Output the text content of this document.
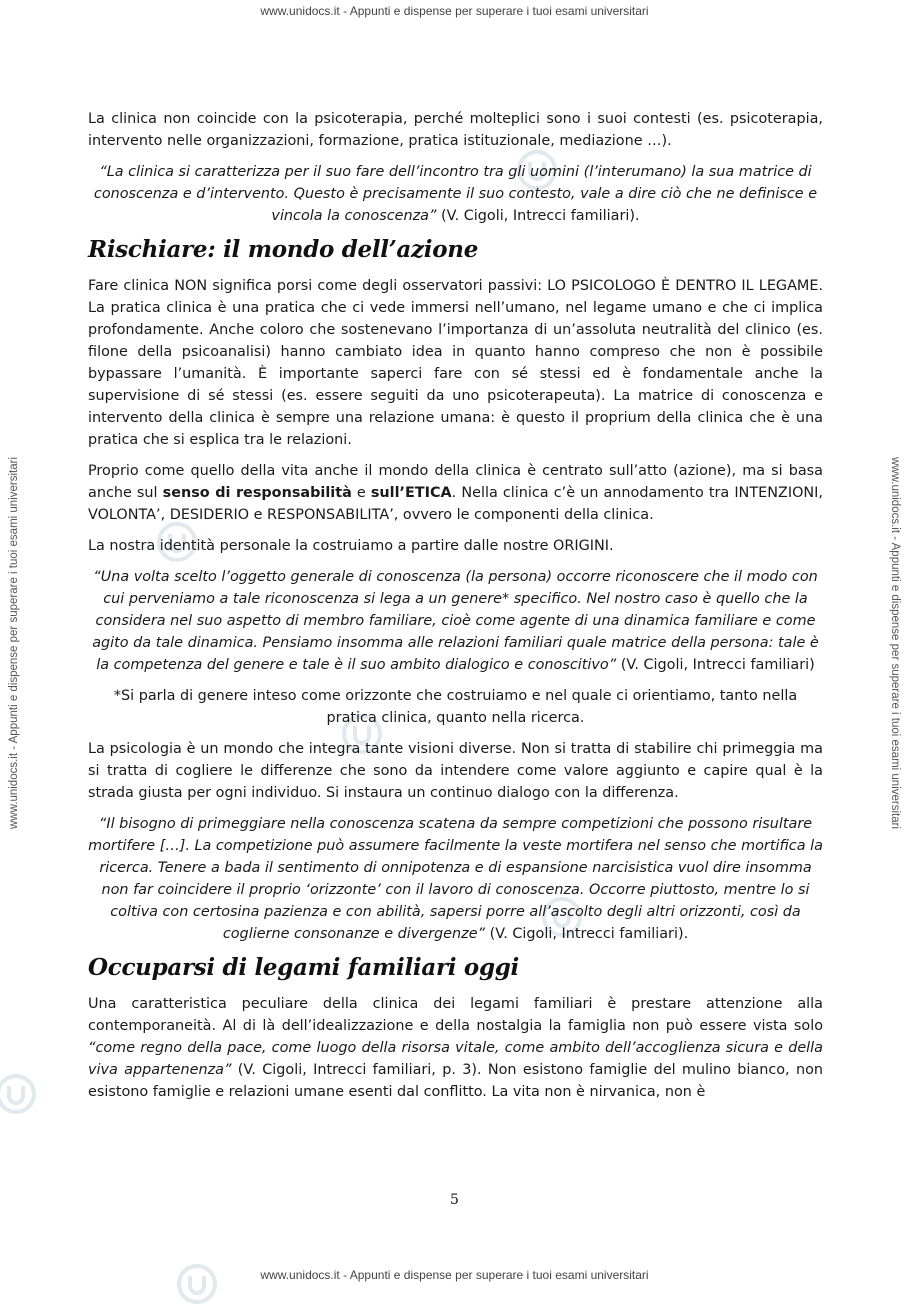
www.unidocs.it - Appunti e dispense per superare i tuoi esami universitari
www.unidocs.it - Appunti e dispense per superare i tuoi esami universitari	www.unidocs.it - Appunti e dispense per superare i tuoi esami universitari

La clinica non coincide con la psicoterapia, perché molteplici sono i suoi contesti (es. psicoterapia, intervento nelle organizzazioni, formazione, pratica istituzionale, mediazione …).

“La clinica si caratterizza per il suo fare dell’incontro tra gli uomini (l’interumano) la sua matrice di conoscenza e d’intervento. Questo è precisamente il suo contesto, vale a dire ciò che ne definisce e vincola la conoscenza” (V. Cigoli, Intrecci familiari).

Rischiare: il mondo dell’azione

Fare clinica NON significa porsi come degli osservatori passivi: LO PSICOLOGO È DENTRO IL LEGAME. La pratica clinica è una pratica che ci vede immersi nell’umano, nel legame umano e che ci implica profondamente. Anche coloro che sostenevano l’importanza di un’assoluta neutralità del clinico (es. filone della psicoanalisi) hanno cambiato idea in quanto hanno compreso che non è possibile bypassare l’umanità. È importante saperci fare con sé stessi ed è fondamentale anche la supervisione di sé stessi (es. essere seguiti da uno psicoterapeuta). La matrice di conoscenza e intervento della clinica è sempre una relazione umana: è questo il proprium della clinica che è una pratica che si esplica tra le relazioni.

Proprio come quello della vita anche il mondo della clinica è centrato sull’atto (azione), ma si basa anche sul senso di responsabilità e sull’ETICA. Nella clinica c’è un annodamento tra INTENZIONI, VOLONTA’, DESIDERIO e RESPONSABILITA’, ovvero le componenti della clinica.

La nostra identità personale la costruiamo a partire dalle nostre ORIGINI.

“Una volta scelto l’oggetto generale di conoscenza (la persona) occorre riconoscere che il modo con cui perveniamo a tale riconoscenza si lega a un genere* specifico. Nel nostro caso è quello che la considera nel suo aspetto di membro familiare, cioè come agente di una dinamica familiare e come agito da tale dinamica. Pensiamo insomma alle relazioni familiari quale matrice della persona: tale è la competenza del genere e tale è il suo ambito dialogico e conoscitivo” (V. Cigoli, Intrecci familiari)

*Si parla di genere inteso come orizzonte che costruiamo e nel quale ci orientiamo, tanto nella pratica clinica, quanto nella ricerca.

La psicologia è un mondo che integra tante visioni diverse. Non si tratta di stabilire chi primeggia ma si tratta di cogliere le differenze che sono da intendere come valore aggiunto e capire qual è la strada giusta per ogni individuo. Si instaura un continuo dialogo con la differenza.

“Il bisogno di primeggiare nella conoscenza scatena da sempre competizioni che possono risultare mortifere […]. La competizione può assumere facilmente la veste mortifera nel senso che mortifica la ricerca. Tenere a bada il sentimento di onnipotenza e di espansione narcisistica vuol dire insomma non far coincidere il proprio ‘orizzonte’ con il lavoro di conoscenza. Occorre piuttosto, mentre lo si coltiva con certosina pazienza e con abilità, sapersi porre all’ascolto degli altri orizzonti, così da coglierne consonanze e divergenze” (V. Cigoli, Intrecci familiari).

Occuparsi di legami familiari oggi

Una caratteristica peculiare della clinica dei legami familiari è prestare attenzione alla contemporaneità. Al di là dell’idealizzazione e della nostalgia la famiglia non può essere vista solo “come regno della pace, come luogo della risorsa vitale, come ambito dell’accoglienza sicura e della viva appartenenza” (V. Cigoli, Intrecci familiari, p. 3). Non esistono famiglie del mulino bianco, non esistono famiglie e relazioni umane esenti dal conflitto. La vita non è nirvanica, non è

5
www.unidocs.it - Appunti e dispense per superare i tuoi esami universitari
